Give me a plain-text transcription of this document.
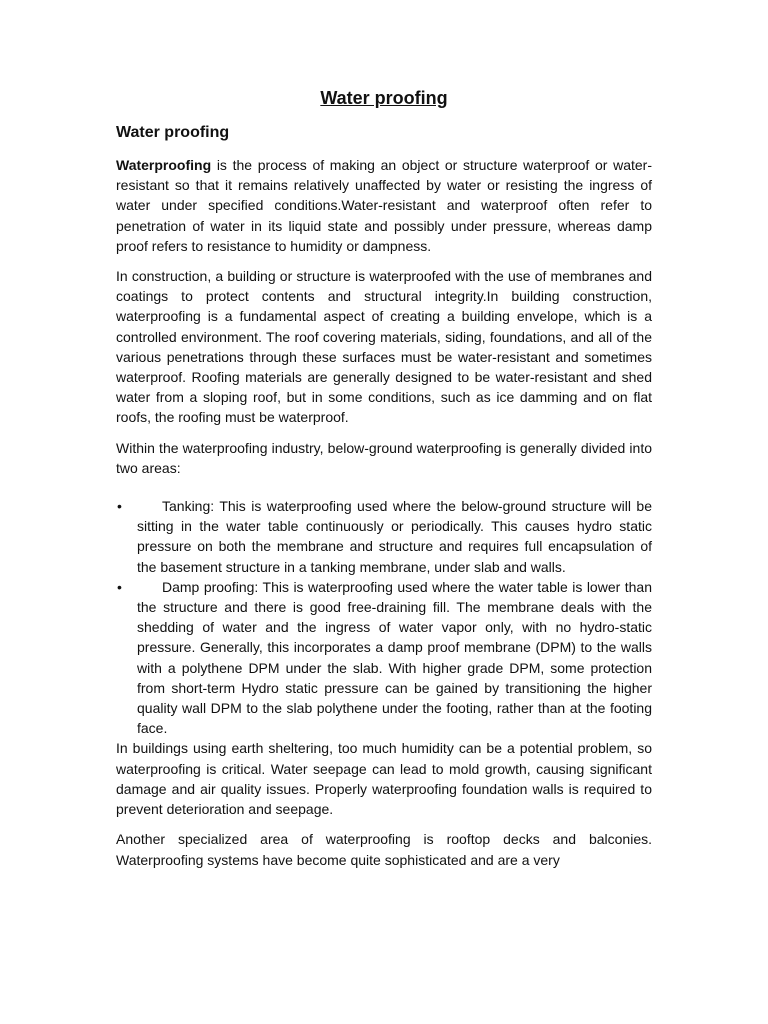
Water proofing
Water proofing

Waterproofing is the process of making an object or structure waterproof or water-resistant so that it remains relatively unaffected by water or resisting the ingress of water under specified conditions.Water-resistant and waterproof often refer to penetration of water in its liquid state and possibly under pressure, whereas damp proof refers to resistance to humidity or dampness.

In construction, a building or structure is waterproofed with the use of membranes and coatings to protect contents and structural integrity.In building construction, waterproofing is a fundamental aspect of creating a building envelope, which is a controlled environment. The roof covering materials, siding, foundations, and all of the various penetrations through these surfaces must be water-resistant and sometimes waterproof. Roofing materials are generally designed to be water-resistant and shed water from a sloping roof, but in some conditions, such as ice damming and on flat roofs, the roofing must be waterproof.

Within the waterproofing industry, below-ground waterproofing is generally divided into two areas:

•	Tanking: This is waterproofing used where the below-ground structure will be sitting in the water table continuously or periodically. This causes hydro static pressure on both the membrane and structure and requires full encapsulation of the basement structure in a tanking membrane, under slab and walls.
•	Damp proofing: This is waterproofing used where the water table is lower than the structure and there is good free-draining fill. The membrane deals with the shedding of water and the ingress of water vapor only, with no hydro-static pressure. Generally, this incorporates a damp proof membrane (DPM) to the walls with a polythene DPM under the slab. With higher grade DPM, some protection from short-term Hydro static pressure can be gained by transitioning the higher quality wall DPM to the slab polythene under the footing, rather than at the footing face.

In buildings using earth sheltering, too much humidity can be a potential problem, so waterproofing is critical. Water seepage can lead to mold growth, causing significant damage and air quality issues. Properly waterproofing foundation walls is required to prevent deterioration and seepage.

Another specialized area of waterproofing is rooftop decks and balconies. Waterproofing systems have become quite sophisticated and are a very
